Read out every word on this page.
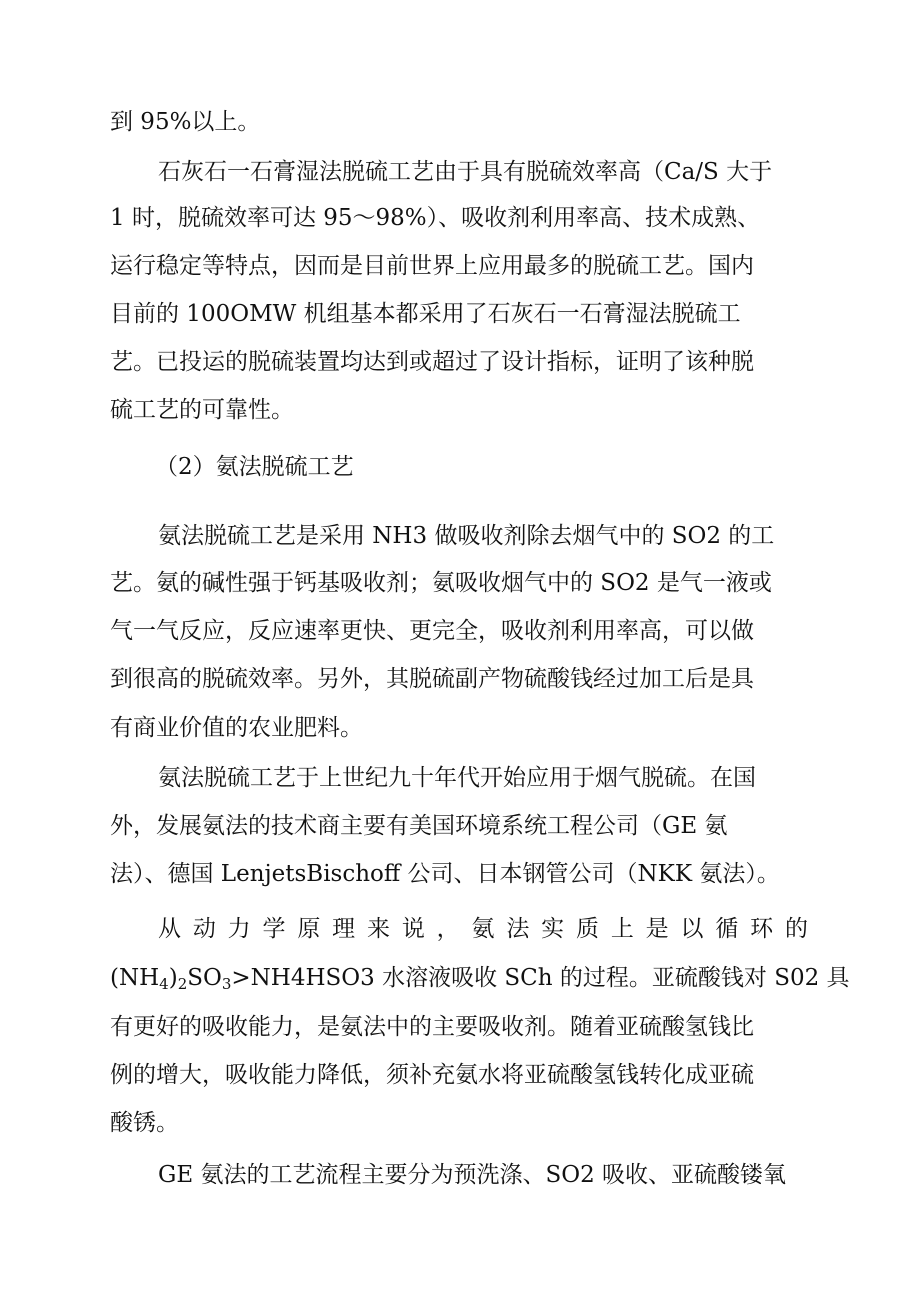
到 95%以上。
石灰石一石膏湿法脱硫工艺由于具有脱硫效率高（Ca/S 大于
1 时，脱硫效率可达 95～98%）、吸收剂利用率高、技术成熟、
运行稳定等特点，因而是目前世界上应用最多的脱硫工艺。国内
目前的 100OMW 机组基本都采用了石灰石一石膏湿法脱硫工
艺。已投运的脱硫装置均达到或超过了设计指标，证明了该种脱
硫工艺的可靠性。
（2）氨法脱硫工艺
氨法脱硫工艺是采用 NH3 做吸收剂除去烟气中的 SO2 的工
艺。氨的碱性强于钙基吸收剂；氨吸收烟气中的 SO2 是气一液或
气一气反应，反应速率更快、更完全，吸收剂利用率高，可以做
到很高的脱硫效率。另外，其脱硫副产物硫酸钱经过加工后是具
有商业价值的农业肥料。
氨法脱硫工艺于上世纪九十年代开始应用于烟气脱硫。在国
外，发展氨法的技术商主要有美国环境系统工程公司（GE 氨
法）、德国 LenjetsBischoff 公司、日本钢管公司（NKK 氨法）。
从动力学原理来说，氨法实质上是以循环的
$(NH_4)_2SO_3>NH4HSO3$ 水溶液吸收 SCh 的过程。亚硫酸钱对 S02 具
有更好的吸收能力，是氨法中的主要吸收剂。随着亚硫酸氢钱比
例的增大，吸收能力降低，须补充氨水将亚硫酸氢钱转化成亚硫
酸锈。
GE 氨法的工艺流程主要分为预洗涤、SO2 吸收、亚硫酸镂氧
